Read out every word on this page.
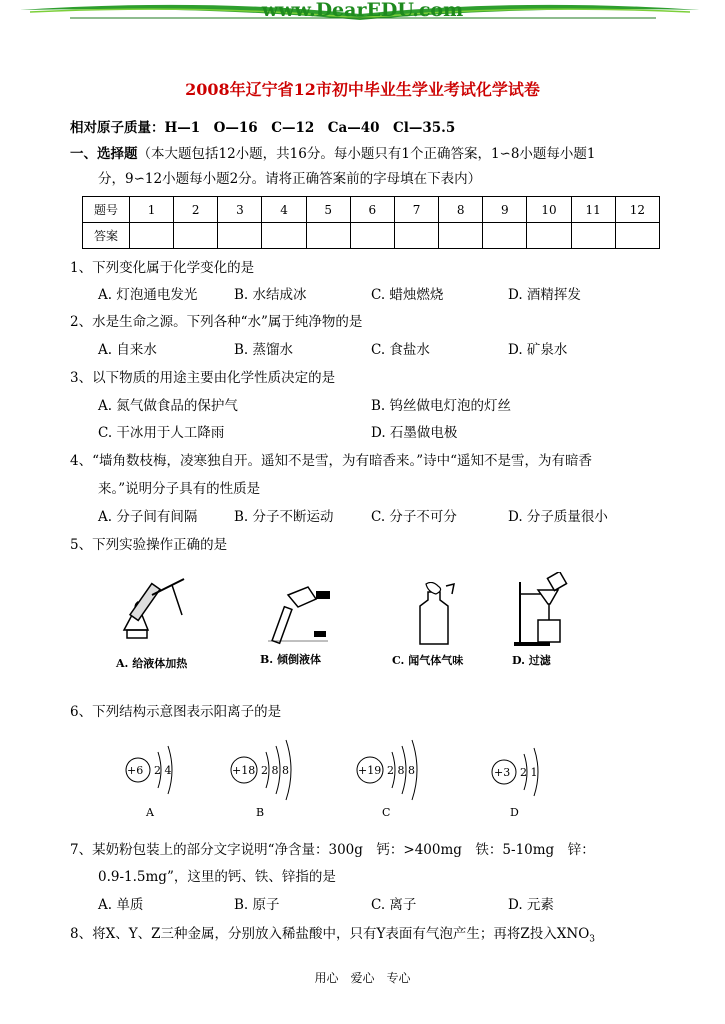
www.DearEDU.com
2008年辽宁省12市初中毕业生学业考试化学试卷
相对原子质量：H—1　O—16　C—12　Ca—40　Cl—35.5
一、选择题（本大题包括12小题，共16分。每小题只有1个正确答案，1∽8小题每小题1
分，9∽12小题每小题2分。请将正确答案前的字母填在下表内）
题号	1	2	3	4	5	6	7	8	9	10	11	12
答案												
1、下列变化属于化学变化的是
A. 灯泡通电发光	B. 水结成冰	C. 蜡烛燃烧	D. 酒精挥发
2、水是生命之源。下列各种“水”属于纯净物的是
A. 自来水	B. 蒸馏水	C. 食盐水	D. 矿泉水
3、以下物质的用途主要由化学性质决定的是
A. 氮气做食品的保护气	B. 钨丝做电灯泡的灯丝
C. 干冰用于人工降雨	D. 石墨做电极
4、“墙角数枝梅，凌寒独自开。遥知不是雪，为有暗香来。”诗中“遥知不是雪，为有暗香
来。”说明分子具有的性质是
A. 分子间有间隔	B. 分子不断运动	C. 分子不可分	D. 分子质量很小
5、下列实验操作正确的是
A. 给液体加热	B. 倾倒液体	C. 闻气体气味	D. 过滤
6、下列结构示意图表示阳离子的是
+6 2 4
A
+18 2 8 8
B
+19 2 8 8
C
+3 2 1
D
7、某奶粉包装上的部分文字说明“净含量：300g　钙：>400mg　铁：5-10mg　锌：
0.9-1.5mg”，这里的钙、铁、锌指的是
A. 单质	B. 原子	C. 离子	D. 元素
8、将X、Y、Z三种金属，分别放入稀盐酸中，只有Y表面有气泡产生；再将Z投入$XNO_3$
用心　爱心　专心
